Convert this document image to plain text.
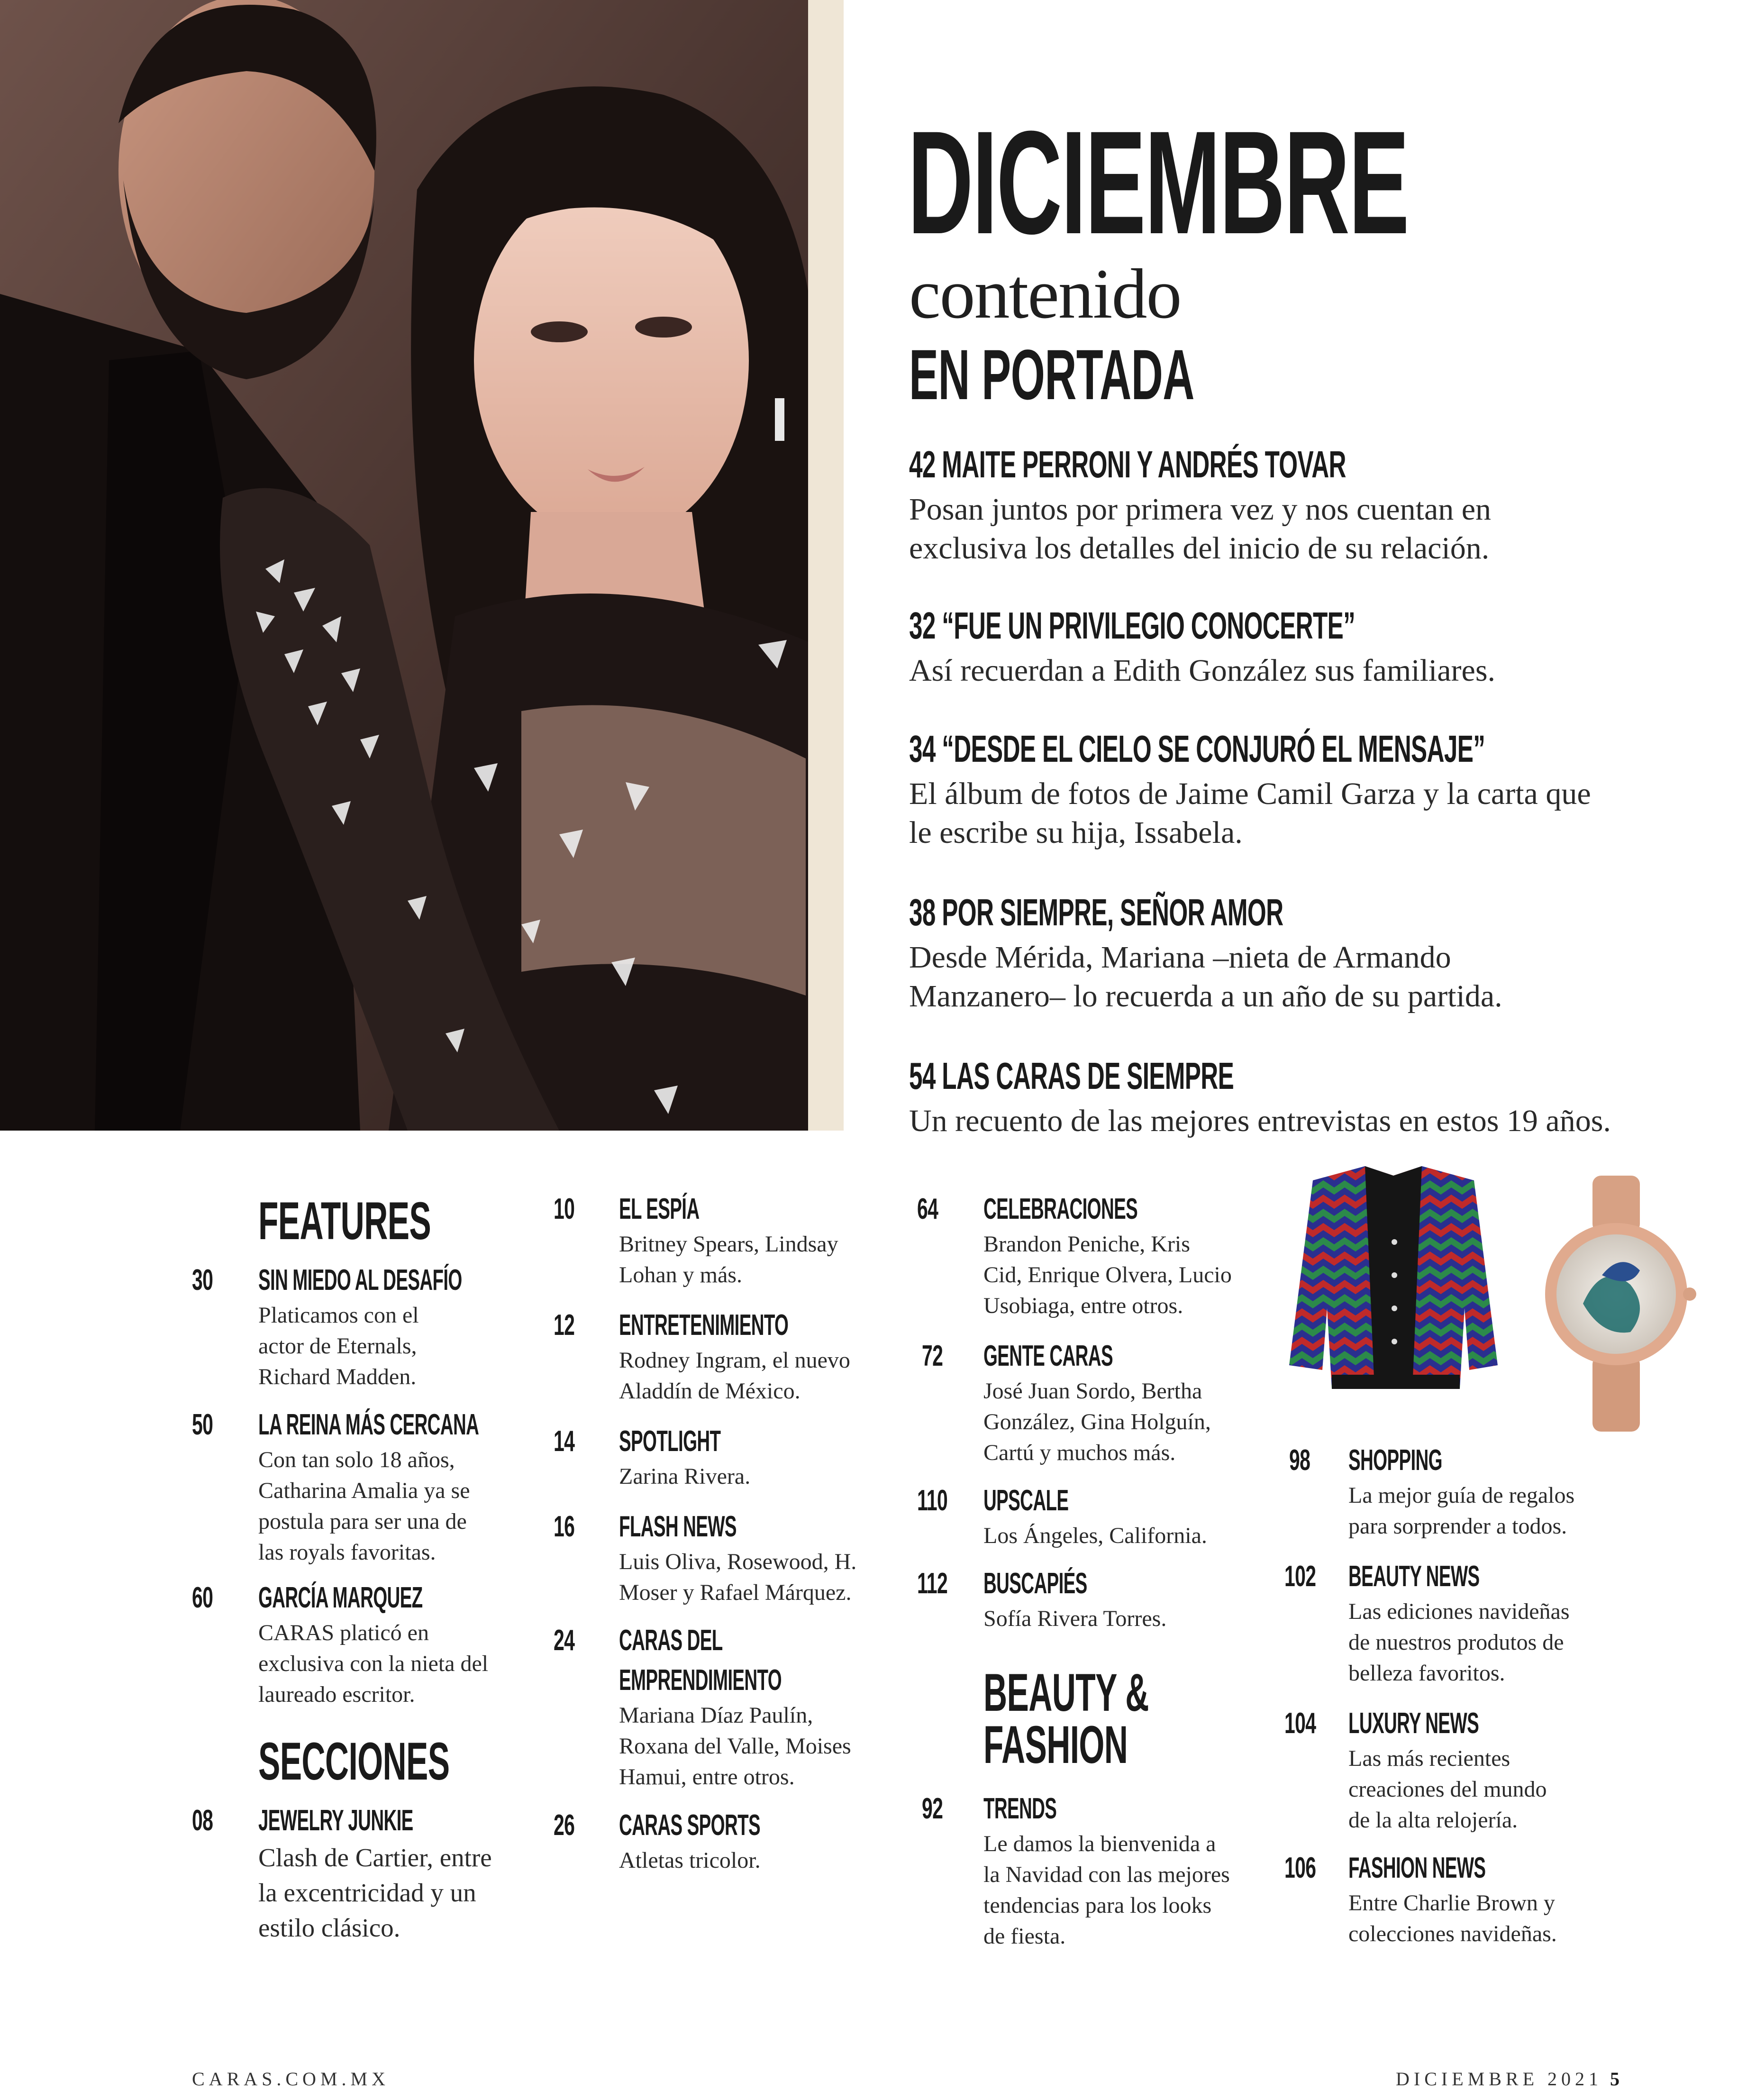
DICIEMBRE
contenido
EN PORTADA
42 MAITE PERRONI Y ANDRÉS TOVAR
Posan juntos por primera vez y nos cuentan en
exclusiva los detalles del inicio de su relación.
32 “FUE UN PRIVILEGIO CONOCERTE”
Así recuerdan a Edith González sus familiares.
34 “DESDE EL CIELO SE CONJURÓ EL MENSAJE”
El álbum de fotos de Jaime Camil Garza y la carta que
le escribe su hija, Issabela.
38 POR SIEMPRE, SEÑOR AMOR
Desde Mérida, Mariana –nieta de Armando
Manzanero– lo recuerda a un año de su partida.
54 LAS CARAS DE SIEMPRE
Un recuento de las mejores entrevistas en estos 19 años.
FEATURES
30 SIN MIEDO AL DESAFÍO
Platicamos con el
actor de Eternals,
Richard Madden.
50 LA REINA MÁS CERCANA
Con tan solo 18 años,
Catharina Amalia ya se
postula para ser una de
las royals favoritas.
60 GARCÍA MARQUEZ
CARAS platicó en
exclusiva con la nieta del
laureado escritor.
SECCIONES
08 JEWELRY JUNKIE
Clash de Cartier, entre
la excentricidad y un
estilo clásico.
10 EL ESPÍA
Britney Spears, Lindsay
Lohan y más.
12 ENTRETENIMIENTO
Rodney Ingram, el nuevo
Aladdín de México.
14 SPOTLIGHT
Zarina Rivera.
16 FLASH NEWS
Luis Oliva, Rosewood, H.
Moser y Rafael Márquez.
24 CARAS DEL
EMPRENDIMIENTO
Mariana Díaz Paulín,
Roxana del Valle, Moises
Hamui, entre otros.
26 CARAS SPORTS
Atletas tricolor.
64 CELEBRACIONES
Brandon Peniche, Kris
Cid, Enrique Olvera, Lucio
Usobiaga, entre otros.
72 GENTE CARAS
José Juan Sordo, Bertha
González, Gina Holguín,
Cartú y muchos más.
110 UPSCALE
Los Ángeles, California.
112 BUSCAPIÉS
Sofía Rivera Torres.
BEAUTY &
FASHION
92 TRENDS
Le damos la bienvenida a
la Navidad con las mejores
tendencias para los looks
de fiesta.
98 SHOPPING
La mejor guía de regalos
para sorprender a todos.
102 BEAUTY NEWS
Las ediciones navideñas
de nuestros produtos de
belleza favoritos.
104 LUXURY NEWS
Las más recientes
creaciones del mundo
de la alta relojería.
106 FASHION NEWS
Entre Charlie Brown y
colecciones navideñas.
CARAS.COM.MX	DICIEMBRE 2021 5
